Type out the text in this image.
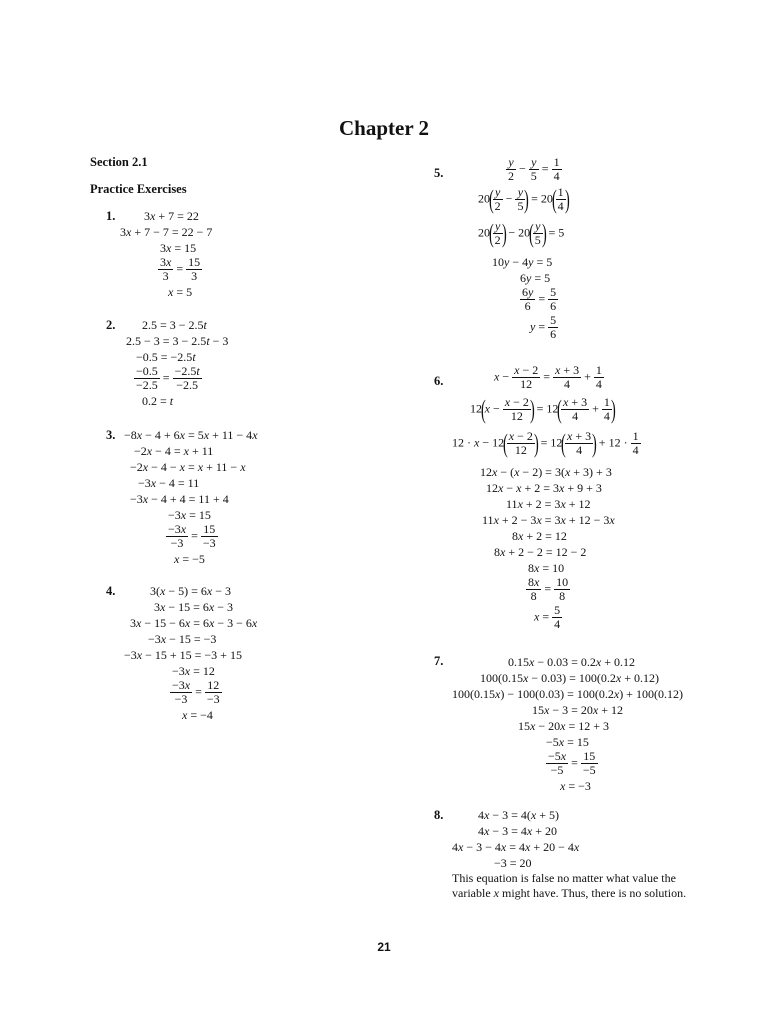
Chapter 2
Section 2.1
Practice Exercises
1.	3x + 7 = 22
3x + 7 − 7 = 22 − 7
3x = 15
$\frac{3x}{3} = \frac{15}{3}$
x = 5
2.	2.5 = 3 − 2.5t
2.5 − 3 = 3 − 2.5t − 3
−0.5 = −2.5t
$\frac{-0.5}{-2.5} = \frac{-2.5t}{-2.5}$
0.2 = t
3. −8x − 4 + 6x = 5x + 11 − 4x
−2x − 4 = x + 11
−2x − 4 − x = x + 11 − x
−3x − 4 = 11
−3x − 4 + 4 = 11 + 4
−3x = 15
$\frac{-3x}{-3} = \frac{15}{-3}$
x = −5
4.	3(x − 5) = 6x − 3
3x − 15 = 6x − 3
3x − 15 − 6x = 6x − 3 − 6x
−3x − 15 = −3
−3x − 15 + 15 = −3 + 15
−3x = 12
$\frac{-3x}{-3} = \frac{12}{-3}$
x = −4
5.	$\frac{y}{2} - \frac{y}{5} = \frac{1}{4}$
20(
$\frac{y}{2} - \frac{y}{5}$
) = 20(
$\frac{1}{4}$
)
20(
$\frac{y}{2}$
) − 20(
$\frac{y}{5}$
) = 5
10y − 4y = 5
6y = 5
$\frac{6y}{6} = \frac{5}{6}$
$y = \frac{5}{6}$
6.	$x - \frac{x - 2}{12} = \frac{x + 3}{4} + \frac{1}{4}$
$12(x - \frac{x - 2}{12}$
) = 12(
$\frac{x + 3}{4} + \frac{1}{4}$
)
12 · x − 12(
$\frac{x - 2}{12}$
) = 12(
$\frac{x + 3}{4}$
) + $12 \cdot \frac{1}{4}$
12x − (x − 2) = 3(x + 3) + 3
12x − x + 2 = 3x + 9 + 3
11x + 2 = 3x + 12
11x + 2 − 3x = 3x + 12 − 3x
8x + 2 = 12
8x + 2 − 2 = 12 − 2
8x = 10
$\frac{8x}{8} = \frac{10}{8}$
$x = \frac{5}{4}$
7.	0.15x − 0.03 = 0.2x + 0.12
100(0.15x − 0.03) = 100(0.2x + 0.12)
100(0.15x) − 100(0.03) = 100(0.2x) + 100(0.12)
15x − 3 = 20x + 12
15x − 20x = 12 + 3
−5x = 15
$\frac{-5x}{-5} = \frac{15}{-5}$
x = −3
8.	4x − 3 = 4(x + 5)
4x − 3 = 4x + 20
4x − 3 − 4x = 4x + 20 − 4x
−3 = 20
This equation is false no matter what value the
variable x might have. Thus, there is no solution.
21
